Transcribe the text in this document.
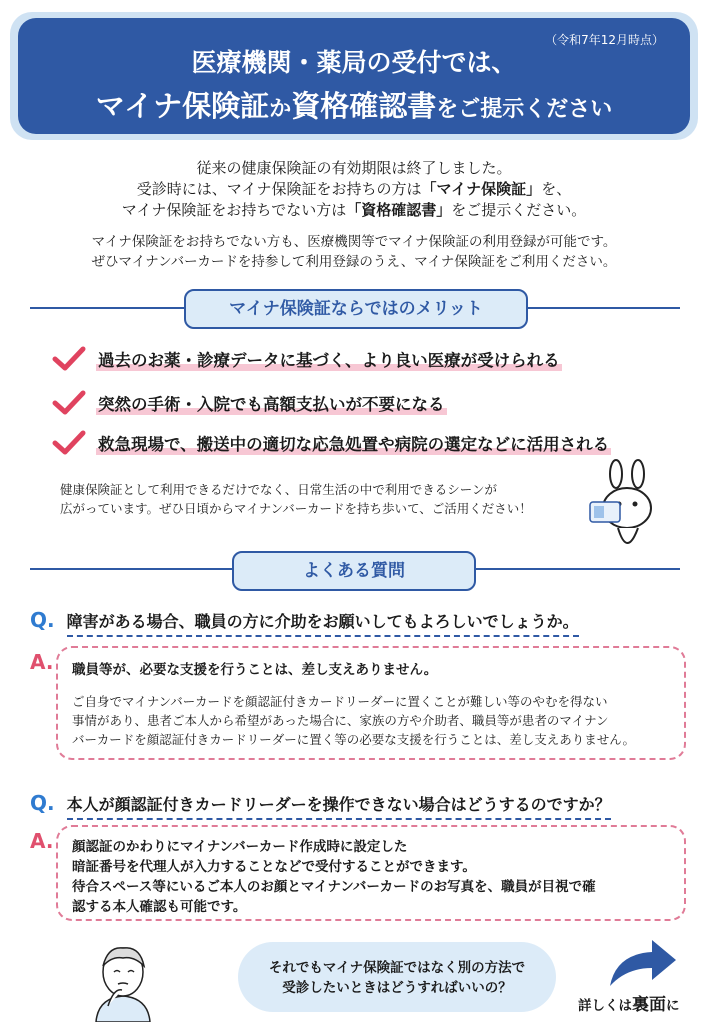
（令和7年12月時点）
医療機関・薬局の受付では、
マイナ保険証か資格確認書をご提示ください
従来の健康保険証の有効期限は終了しました。
受診時には、マイナ保険証をお持ちの方は「マイナ保険証」を、
マイナ保険証をお持ちでない方は「資格確認書」をご提示ください。
マイナ保険証をお持ちでない方も、医療機関等でマイナ保険証の利用登録が可能です。
ぜひマイナンバーカードを持参して利用登録のうえ、マイナ保険証をご利用ください。
マイナ保険証ならではのメリット
過去のお薬・診療データに基づく、より良い医療が受けられる
突然の手術・入院でも高額支払いが不要になる
救急現場で、搬送中の適切な応急処置や病院の選定などに活用される
健康保険証として利用できるだけでなく、日常生活の中で利用できるシーンが
広がっています。ぜひ日頃からマイナンバーカードを持ち歩いて、ご活用ください！
よくある質問
Q. 障害がある場合、職員の方に介助をお願いしてもよろしいでしょうか。
A. 職員等が、必要な支援を行うことは、差し支えありません。
ご自身でマイナンバーカードを顔認証付きカードリーダーに置くことが難しい等のやむを得ない
事情があり、患者ご本人から希望があった場合に、家族の方や介助者、職員等が患者のマイナン
バーカードを顔認証付きカードリーダーに置く等の必要な支援を行うことは、差し支えありません。
Q. 本人が顔認証付きカードリーダーを操作できない場合はどうするのですか？
A. 顔認証のかわりにマイナンバーカード作成時に設定した
暗証番号を代理人が入力することなどで受付することができます。
待合スペース等にいるご本人のお顔とマイナンバーカードのお写真を、職員が目視で確
認する本人確認も可能です。
それでもマイナ保険証ではなく別の方法で
受診したいときはどうすればいいの？
詳しくは裏面に
